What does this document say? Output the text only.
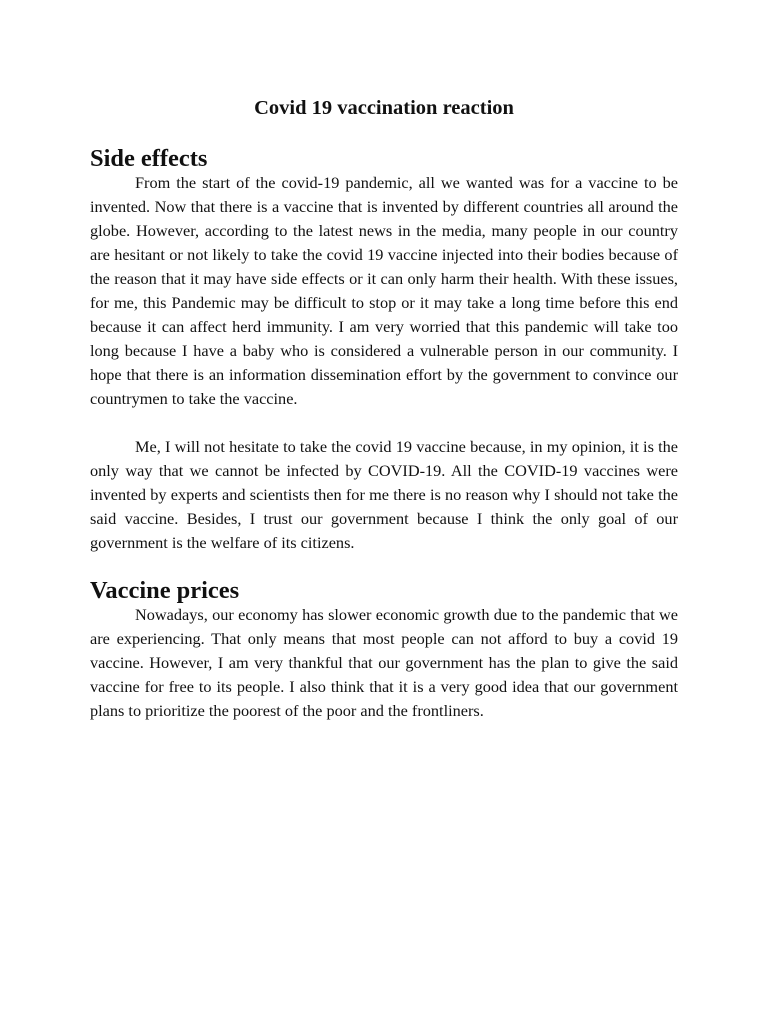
Covid 19 vaccination reaction
Side effects

From the start of the covid-19 pandemic, all we wanted was for a vaccine to be invented. Now that there is a vaccine that is invented by different countries all around the globe. However, according to the latest news in the media, many people in our country are hesitant or not likely to take the covid 19 vaccine injected into their bodies because of the reason that it may have side effects or it can only harm their health. With these issues, for me, this Pandemic may be difficult to stop or it may take a long time before this end because it can affect herd immunity. I am very worried that this pandemic will take too long because I have a baby who is considered a vulnerable person in our community. I hope that there is an information dissemination effort by the government to convince our countrymen to take the vaccine.

Me, I will not hesitate to take the covid 19 vaccine because, in my opinion, it is the only way that we cannot be infected by COVID-19. All the COVID-19 vaccines were invented by experts and scientists then for me there is no reason why I should not take the said vaccine. Besides, I trust our government because I think the only goal of our government is the welfare of its citizens.

Vaccine prices

Nowadays, our economy has slower economic growth due to the pandemic that we are experiencing. That only means that most people can not afford to buy a covid 19 vaccine. However, I am very thankful that our government has the plan to give the said vaccine for free to its people. I also think that it is a very good idea that our government plans to prioritize the poorest of the poor and the frontliners.
